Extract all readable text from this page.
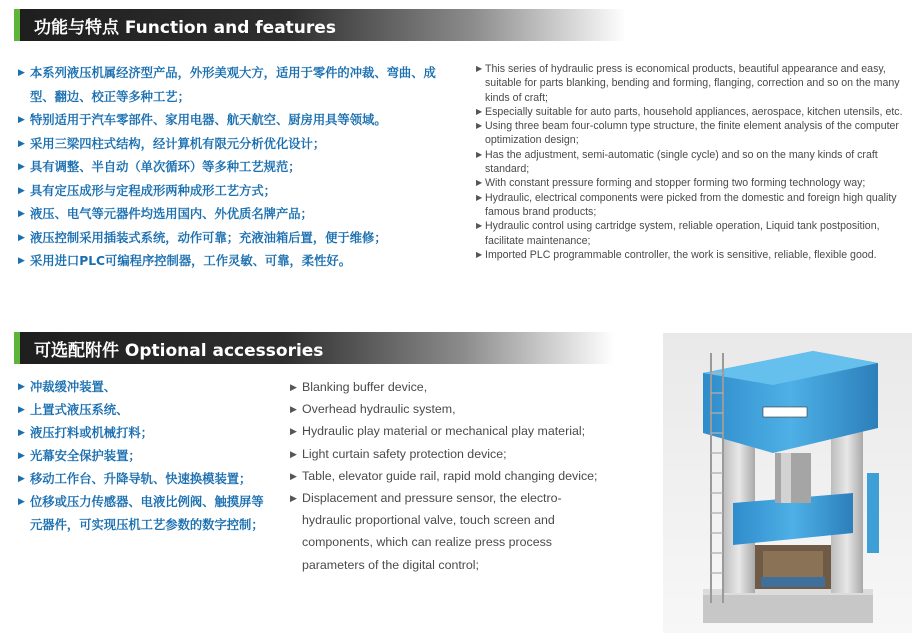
功能与特点 Function and features
▶ 本系列液压机属经济型产品，外形美观大方，适用于零件的冲裁、弯曲、成型、翻边、校正等多种工艺；
▶ 特别适用于汽车零部件、家用电器、航天航空、厨房用具等领域。
▶ 采用三梁四柱式结构，经计算机有限元分析优化设计；
▶ 具有调整、半自动（单次循环）等多种工艺规范；
▶ 具有定压成形与定程成形两种成形工艺方式；
▶ 液压、电气等元器件均选用国内、外优质名牌产品；
▶ 液压控制采用插装式系统，动作可靠；充液油箱后置，便于维修；
▶ 采用进口PLC可编程序控制器，工作灵敏、可靠，柔性好。
▶ This series of hydraulic press is economical products, beautiful appearance and easy, suitable for parts blanking, bending and forming, flanging, correction and so on the many kinds of craft;
▶ Especially suitable for auto parts, household appliances, aerospace, kitchen utensils, etc.
▶ Using three beam four-column type structure, the finite element analysis of the computer optimization design;
▶ Has the adjustment, semi-automatic (single cycle) and so on the many kinds of craft standard;
▶ With constant pressure forming and stopper forming two forming technology way;
▶ Hydraulic, electrical components were picked from the domestic and foreign high quality famous brand products;
▶ Hydraulic control using cartridge system, reliable operation, Liquid tank postposition, facilitate maintenance;
▶ Imported PLC programmable controller, the work is sensitive, reliable, flexible good.
可选配附件 Optional accessories
▶ 冲裁缓冲装置、
▶ 上置式液压系统、
▶ 液压打料或机械打料；
▶ 光幕安全保护装置；
▶ 移动工作台、升降导轨、快速换模装置；
▶ 位移或压力传感器、电液比例阀、触摸屏等元器件，可实现压机工艺参数的数字控制；
▶ Blanking buffer device,
▶ Overhead hydraulic system,
▶ Hydraulic play material or mechanical play material;
▶ Light curtain safety protection device;
▶ Table, elevator guide rail, rapid mold changing device;
▶ Displacement and pressure sensor, the electro-hydraulic proportional valve, touch screen and components, which can realize press process parameters of the digital control;
